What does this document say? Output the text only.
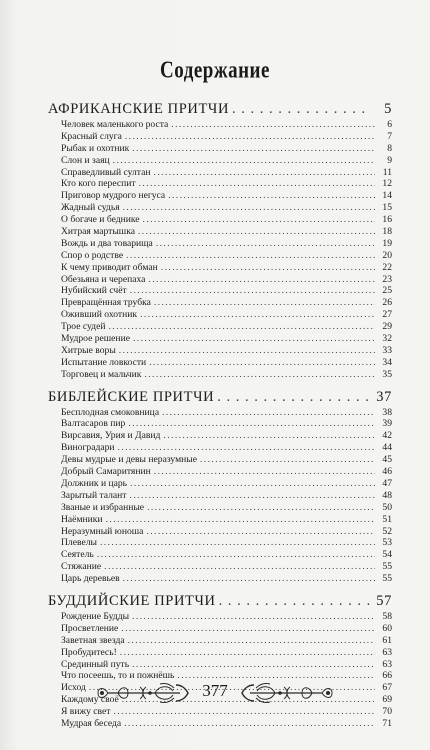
Содержание
АФРИКАНСКИЕ ПРИТЧИ . . .	5
Человек маленького роста . . .	6
Красный слуга . . .	7
Рыбак и охотник . . .	8
Слон и заяц . . .	9
Справедливый султан . . .	11
Кто кого переспит . . .	12
Приговор мудрого негуса . . .	14
Жадный судья . . .	15
О богаче и беднике . . .	16
Хитрая мартышка . . .	18
Вождь и два товарища . . .	19
Спор о родстве . . .	20
К чему приводит обман . . .	22
Обезьяна и черепаха . . .	23
Нубийский счёт . . .	25
Превращённая трубка . . .	26
Оживший охотник . . .	27
Трое судей . . .	29
Мудрое решение . . .	32
Хитрые воры . . .	33
Испытание ловкости . . .	34
Торговец и мальчик . . .	35
БИБЛЕЙСКИЕ ПРИТЧИ . . .	37
Бесплодная смоковница . . .	38
Валтасаров пир . . .	39
Вирсавия, Урия и Давид . . .	42
Виноградари . . .	44
Девы мудрые и девы неразумные . . .	45
Добрый Самаритянин . . .	46
Должник и царь . . .	47
Зарытый талант . . .	48
Званые и избранные . . .	50
Наёмники . . .	51
Неразумный юноша . . .	52
Плевелы . . .	53
Сеятель . . .	54
Стяжание . . .	55
Царь деревьев . . .	55
БУДДИЙСКИЕ ПРИТЧИ . . .	57
Рождение Будды . . .	58
Просветление . . .	60
Заветная звезда . . .	61
Пробудитесь! . . .	63
Срединный путь . . .	63
Что посеешь, то и пожнёшь . . .	66
Исход . . .	67
Каждому своё . . .	69
Я вижу свет . . .	70
Мудрая беседа . . .	71
377
